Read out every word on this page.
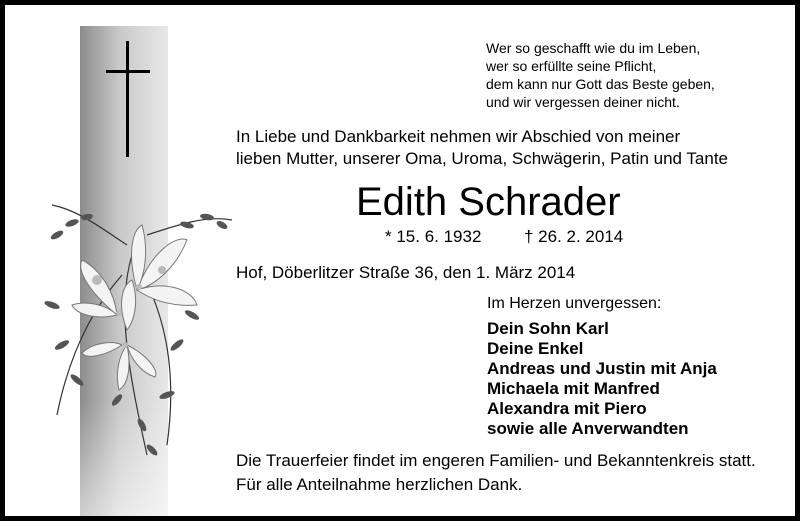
Wer so geschafft wie du im Leben,
wer so erfüllte seine Pflicht,
dem kann nur Gott das Beste geben,
und wir vergessen deiner nicht.
In Liebe und Dankbarkeit nehmen wir Abschied von meiner
lieben Mutter, unserer Oma, Uroma, Schwägerin, Patin und Tante
Edith Schrader
* 15. 6. 1932	† 26. 2. 2014
Hof, Döberlitzer Straße 36, den 1. März 2014
Im Herzen unvergessen:
Dein Sohn Karl
Deine Enkel
Andreas und Justin mit Anja
Michaela mit Manfred
Alexandra mit Piero
sowie alle Anverwandten
Die Trauerfeier findet im engeren Familien- und Bekanntenkreis statt.
Für alle Anteilnahme herzlichen Dank.
